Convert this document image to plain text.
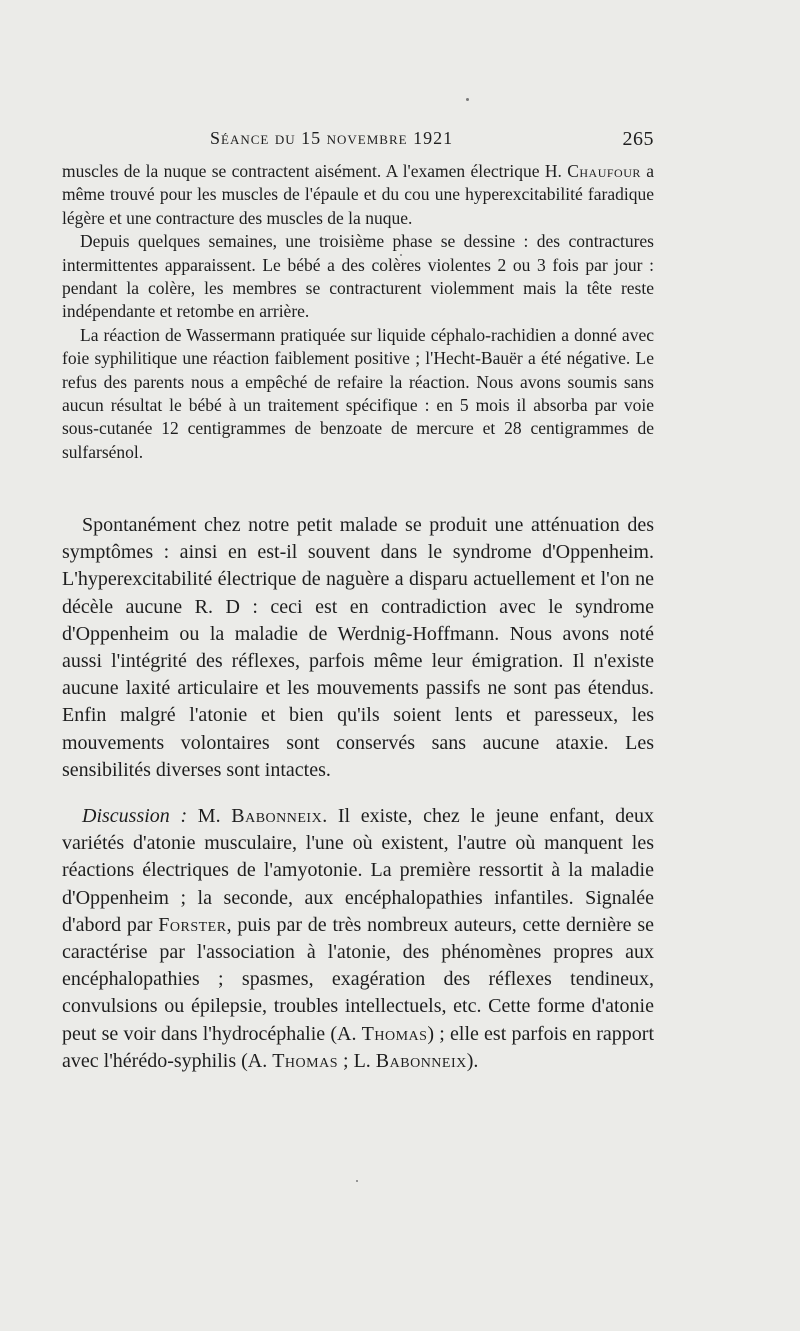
Séance du 15 novembre 1921	265

muscles de la nuque se contractent aisément. A l'examen électrique H. Chaufour a même trouvé pour les muscles de l'épaule et du cou une hyperexcitabilité faradique légère et une contracture des muscles de la nuque.

Depuis quelques semaines, une troisième phase se dessine : des contractures intermittentes apparaissent. Le bébé a des colères violentes 2 ou 3 fois par jour : pendant la colère, les membres se contracturent violemment mais la tête reste indépendante et retombe en arrière.

La réaction de Wassermann pratiquée sur liquide céphalo-rachidien a donné avec foie syphilitique une réaction faiblement positive ; l'Hecht-Bauër a été négative. Le refus des parents nous a empêché de refaire la réaction. Nous avons soumis sans aucun résultat le bébé à un traitement spécifique : en 5 mois il absorba par voie sous-cutanée 12 centigrammes de benzoate de mercure et 28 centigrammes de sulfarsénol.

Spontanément chez notre petit malade se produit une atténuation des symptômes : ainsi en est-il souvent dans le syndrome d'Oppenheim. L'hyperexcitabilité électrique de naguère a disparu actuellement et l'on ne décèle aucune R. D : ceci est en contradiction avec le syndrome d'Oppenheim ou la maladie de Werdnig-Hoffmann. Nous avons noté aussi l'intégrité des réflexes, parfois même leur émigration. Il n'existe aucune laxité articulaire et les mouvements passifs ne sont pas étendus. Enfin malgré l'atonie et bien qu'ils soient lents et paresseux, les mouvements volontaires sont conservés sans aucune ataxie. Les sensibilités diverses sont intactes.

Discussion : M. Babonneix. Il existe, chez le jeune enfant, deux variétés d'atonie musculaire, l'une où existent, l'autre où manquent les réactions électriques de l'amyotonie. La première ressortit à la maladie d'Oppenheim ; la seconde, aux encéphalopathies infantiles. Signalée d'abord par Forster, puis par de très nombreux auteurs, cette dernière se caractérise par l'association à l'atonie, des phénomènes propres aux encéphalopathies ; spasmes, exagération des réflexes tendineux, convulsions ou épilepsie, troubles intellectuels, etc. Cette forme d'atonie peut se voir dans l'hydrocéphalie (A. Thomas) ; elle est parfois en rapport avec l'hérédo-syphilis (A. Thomas ; L. Babonneix).
